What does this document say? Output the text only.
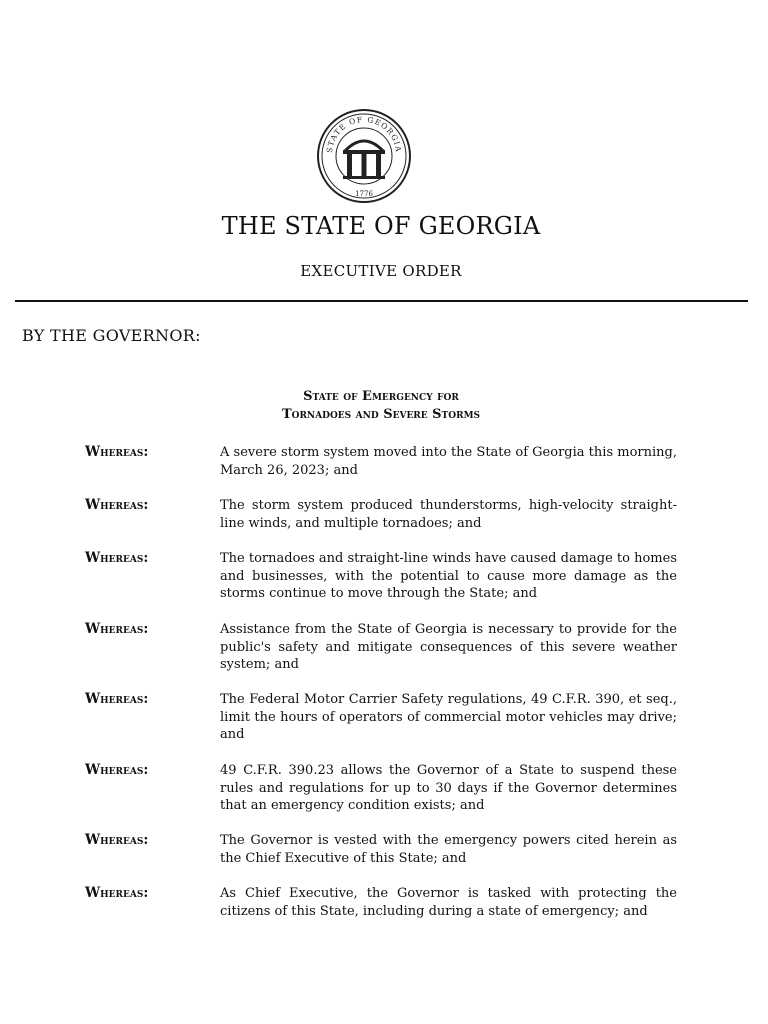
STATE OF GEORGIA
1776
THE STATE OF GEORGIA
EXECUTIVE ORDER
BY THE GOVERNOR:
State of Emergency for
Tornadoes and Severe Storms
Whereas:	A severe storm system moved into the State of Georgia this morning, March 26, 2023; and
Whereas:	The storm system produced thunderstorms, high-velocity straight-line winds, and multiple tornadoes; and
Whereas:	The tornadoes and straight-line winds have caused damage to homes and businesses, with the potential to cause more damage as the storms continue to move through the State; and
Whereas:	Assistance from the State of Georgia is necessary to provide for the public's safety and mitigate consequences of this severe weather system; and
Whereas:	The Federal Motor Carrier Safety regulations, 49 C.F.R. 390, et seq., limit the hours of operators of commercial motor vehicles may drive; and
Whereas:	49 C.F.R. 390.23 allows the Governor of a State to suspend these rules and regulations for up to 30 days if the Governor determines that an emergency condition exists; and
Whereas:	The Governor is vested with the emergency powers cited herein as the Chief Executive of this State; and
Whereas:	As Chief Executive, the Governor is tasked with protecting the citizens of this State, including during a state of emergency; and
